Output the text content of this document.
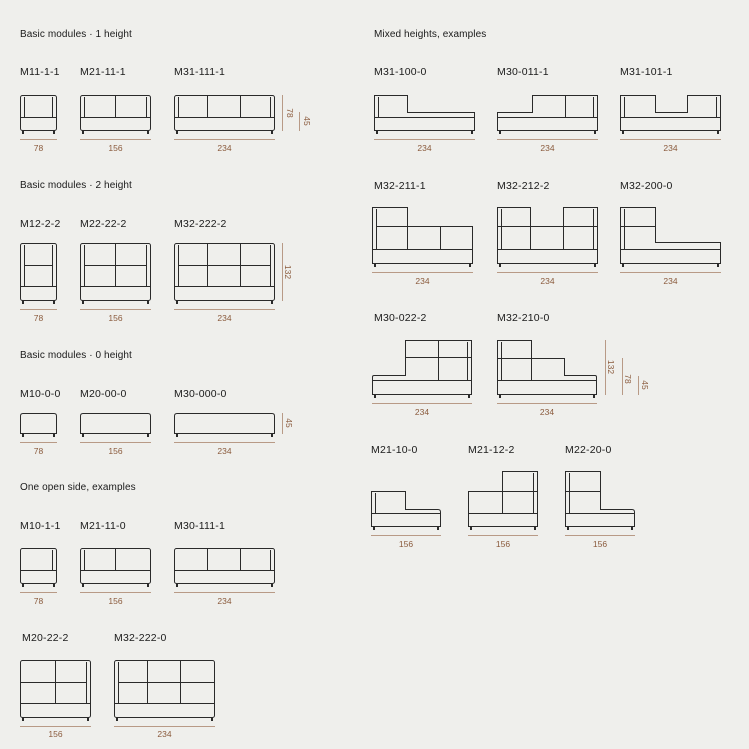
Basic modules · 1 height
Basic modules · 2 height
Basic modules · 0 height
One open side, examples
Mixed heights, examples
M11-1-1 M21-11-1	M31-111-1
M12-2-2 M22-22-2	M32-222-2
M10-0-0 M20-00-0	M30-000-0
M10-1-1 M21-11-0	M30-111-1
M20-22-2	M32-222-0
M31-100-0	M30-011-1	M31-101-1
M32-211-1	M32-212-2	M32-200-0
M30-022-2	M32-210-0
M21-10-0	M21-12-2	M22-20-0
78	156	234
78	156	234
78	156	234
78	156	234
156	234
234	234	234
234	234	234
234	234
156	156	156
78
45
132
45
132
78
45
